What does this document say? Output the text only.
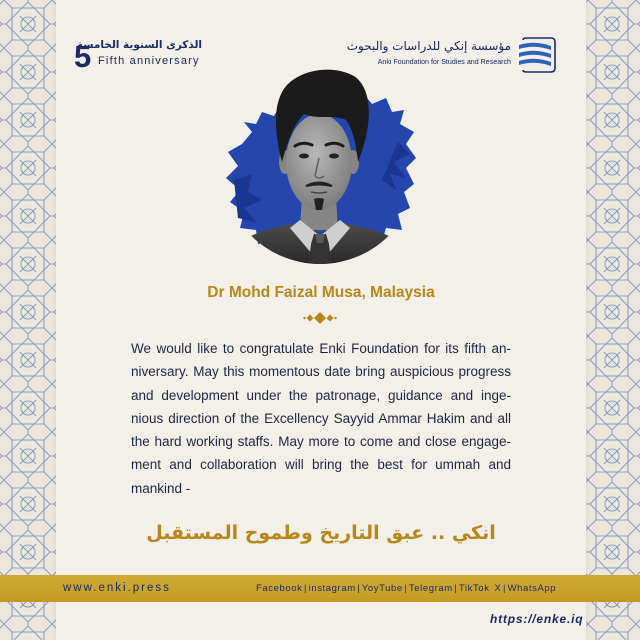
5
الذكرى السنوية الخامسة
Fifth anniversary
مؤسسة إنكي للدراسات والبحوث
Anki Foundation for Studies and Research
Dr Mohd Faizal Musa, Malaysia
We would like to congratulate Enki Foundation for its fifth an-
niversary. May this momentous date bring auspicious progress
and development under the patronage, guidance and inge-
nious direction of the Excellency Sayyid Ammar Hakim and all
the hard working staffs. May more to come and close engage-
ment and collaboration will bring the best for ummah and
mankind -
انكي .. عبق التاريخ وطموح المستقبل
www.enki.press	Facebook | instagram | YoyTube | Telegram | TikTok X | WhatsApp
https://enke.iq
